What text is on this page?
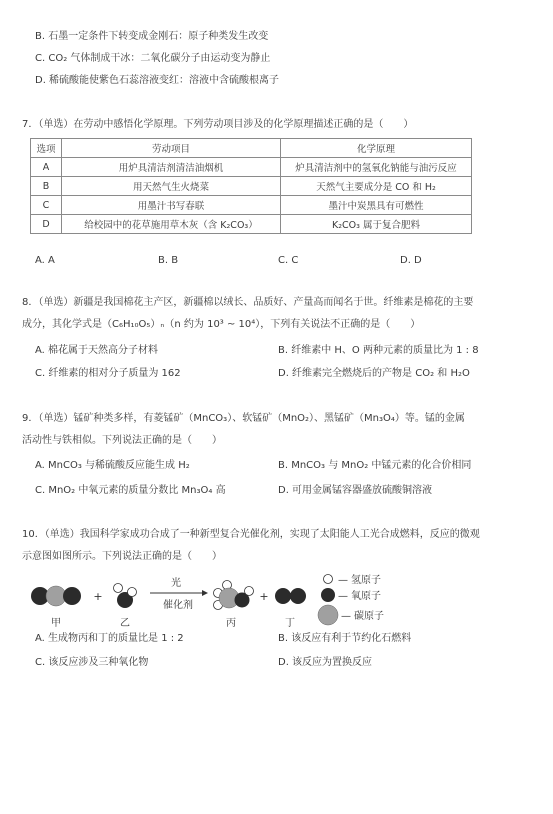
B. 石墨一定条件下转变成金刚石：原子种类发生改变
C. CO₂ 气体制成干冰：二氧化碳分子由运动变为静止
D. 稀硫酸能使紫色石蕊溶液变红：溶液中含硫酸根离子
7．（单选）在劳动中感悟化学原理。下列劳动项目涉及的化学原理描述正确的是（　　）
选项	劳动项目	化学原理
A	用炉具清洁剂清洁油烟机	炉具清洁剂中的氢氧化钠能与油污反应
B	用天然气生火烧菜	天然气主要成分是 CO 和 H₂
C	用墨汁书写春联	墨汁中炭黑具有可燃性
D	给校园中的花草施用草木灰（含 K₂CO₃）	K₂CO₃ 属于复合肥料
A. A	B. B	C. C	D. D
8．（单选）新疆是我国棉花主产区，新疆棉以绒长、品质好、产量高而闻名于世。纤维素是棉花的主要
成分，其化学式是（C₆H₁₀O₅）ₙ（n 约为 10³ ~ 10⁴），下列有关说法不正确的是（　　）
A. 棉花属于天然高分子材料	B. 纤维素中 H、O 两种元素的质量比为 1 : 8
C. 纤维素的相对分子质量为 162	D. 纤维素完全燃烧后的产物是 CO₂ 和 H₂O
9．（单选）锰矿种类多样，有菱锰矿（MnCO₃）、软锰矿（MnO₂）、黑锰矿（Mn₃O₄）等。锰的金属
活动性与铁相似。下列说法正确的是（　　）
A. MnCO₃ 与稀硫酸反应能生成 H₂	B. MnCO₃ 与 MnO₂ 中锰元素的化合价相同
C. MnO₂ 中氧元素的质量分数比 Mn₃O₄ 高	D. 可用金属锰容器盛放硫酸铜溶液
10．（单选）我国科学家成功合成了一种新型复合光催化剂，实现了太阳能人工光合成燃料，反应的微观
示意图如图所示。下列说法正确的是（　　）
甲
+
乙
光
催化剂
丙
+
丁
— 氢原子
— 氧原子
— 碳原子
A. 生成物丙和丁的质量比是 1 : 2	B. 该反应有利于节约化石燃料
C. 该反应涉及三种氧化物	D. 该反应为置换反应
